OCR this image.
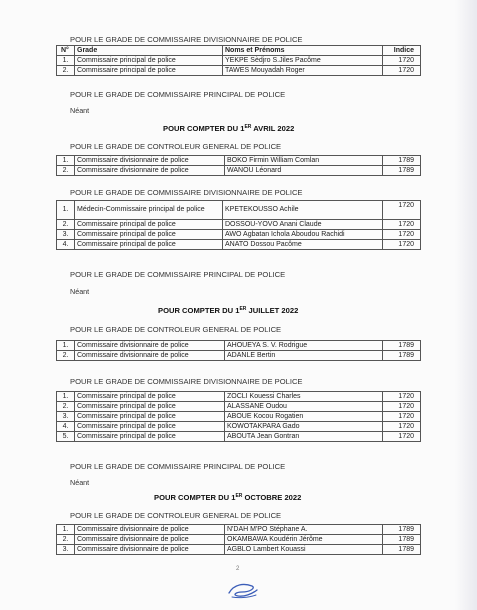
POUR LE GRADE DE COMMISSAIRE DIVISIONNAIRE DE POLICE
N°	Grade	Noms et Prénoms	Indice
1.	Commissaire principal de police	YEKPE Sèdjro S.Jiles Pacôme	1720
2.	Commissaire principal de police	TAWES Mouyadah Roger	1720
POUR LE GRADE DE COMMISSAIRE PRINCIPAL DE POLICE
Néant
POUR COMPTER DU 1ER AVRIL 2022
POUR LE GRADE DE CONTROLEUR GENERAL DE POLICE
1.	Commissaire divisionnaire de police	BOKO Firmin William Comlan	1789
2.	Commissaire divisionnaire de police	WANOU Léonard	1789
POUR LE GRADE DE COMMISSAIRE DIVISIONNAIRE DE POLICE
1.	Médecin-Commissaire principal de police	KPETEKOUSSO Achile	1720
2.	Commissaire principal de police	DOSSOU-YOVO Anani Claude	1720
3.	Commissaire principal de police	AWO Agbatan Ichola Aboudou Rachidi	1720
4.	Commissaire principal de police	ANATO Dossou Pacôme	1720
POUR LE GRADE DE COMMISSAIRE PRINCIPAL DE POLICE
Néant
POUR COMPTER DU 1ER JUILLET 2022
POUR LE GRADE DE CONTROLEUR GENERAL DE POLICE
1.	Commissaire divisionnaire de police	AHOUEYA S. V. Rodrigue	1789
2.	Commissaire divisionnaire de police	ADANLE Bertin	1789
POUR LE GRADE DE COMMISSAIRE DIVISIONNAIRE DE POLICE
1.	Commissaire principal de police	ZOCLI Kouessi Charles	1720
2.	Commissaire principal de police	ALASSANE Oudou	1720
3.	Commissaire principal de police	ABOUE Kocou Rogatien	1720
4.	Commissaire principal de police	KOWOTAKPARA Gado	1720
5.	Commissaire principal de police	ABOUTA Jean Gontran	1720
POUR LE GRADE DE COMMISSAIRE PRINCIPAL DE POLICE
Néant
POUR COMPTER DU 1ER OCTOBRE 2022
POUR LE GRADE DE CONTROLEUR GENERAL DE POLICE
1.	Commissaire divisionnaire de police	N'DAH M'PO Stéphane A.	1789
2.	Commissaire divisionnaire de police	OKAMBAWA Koudérin Jérôme	1789
3.	Commissaire divisionnaire de police	AGBLO Lambert Kouassi	1789
2
